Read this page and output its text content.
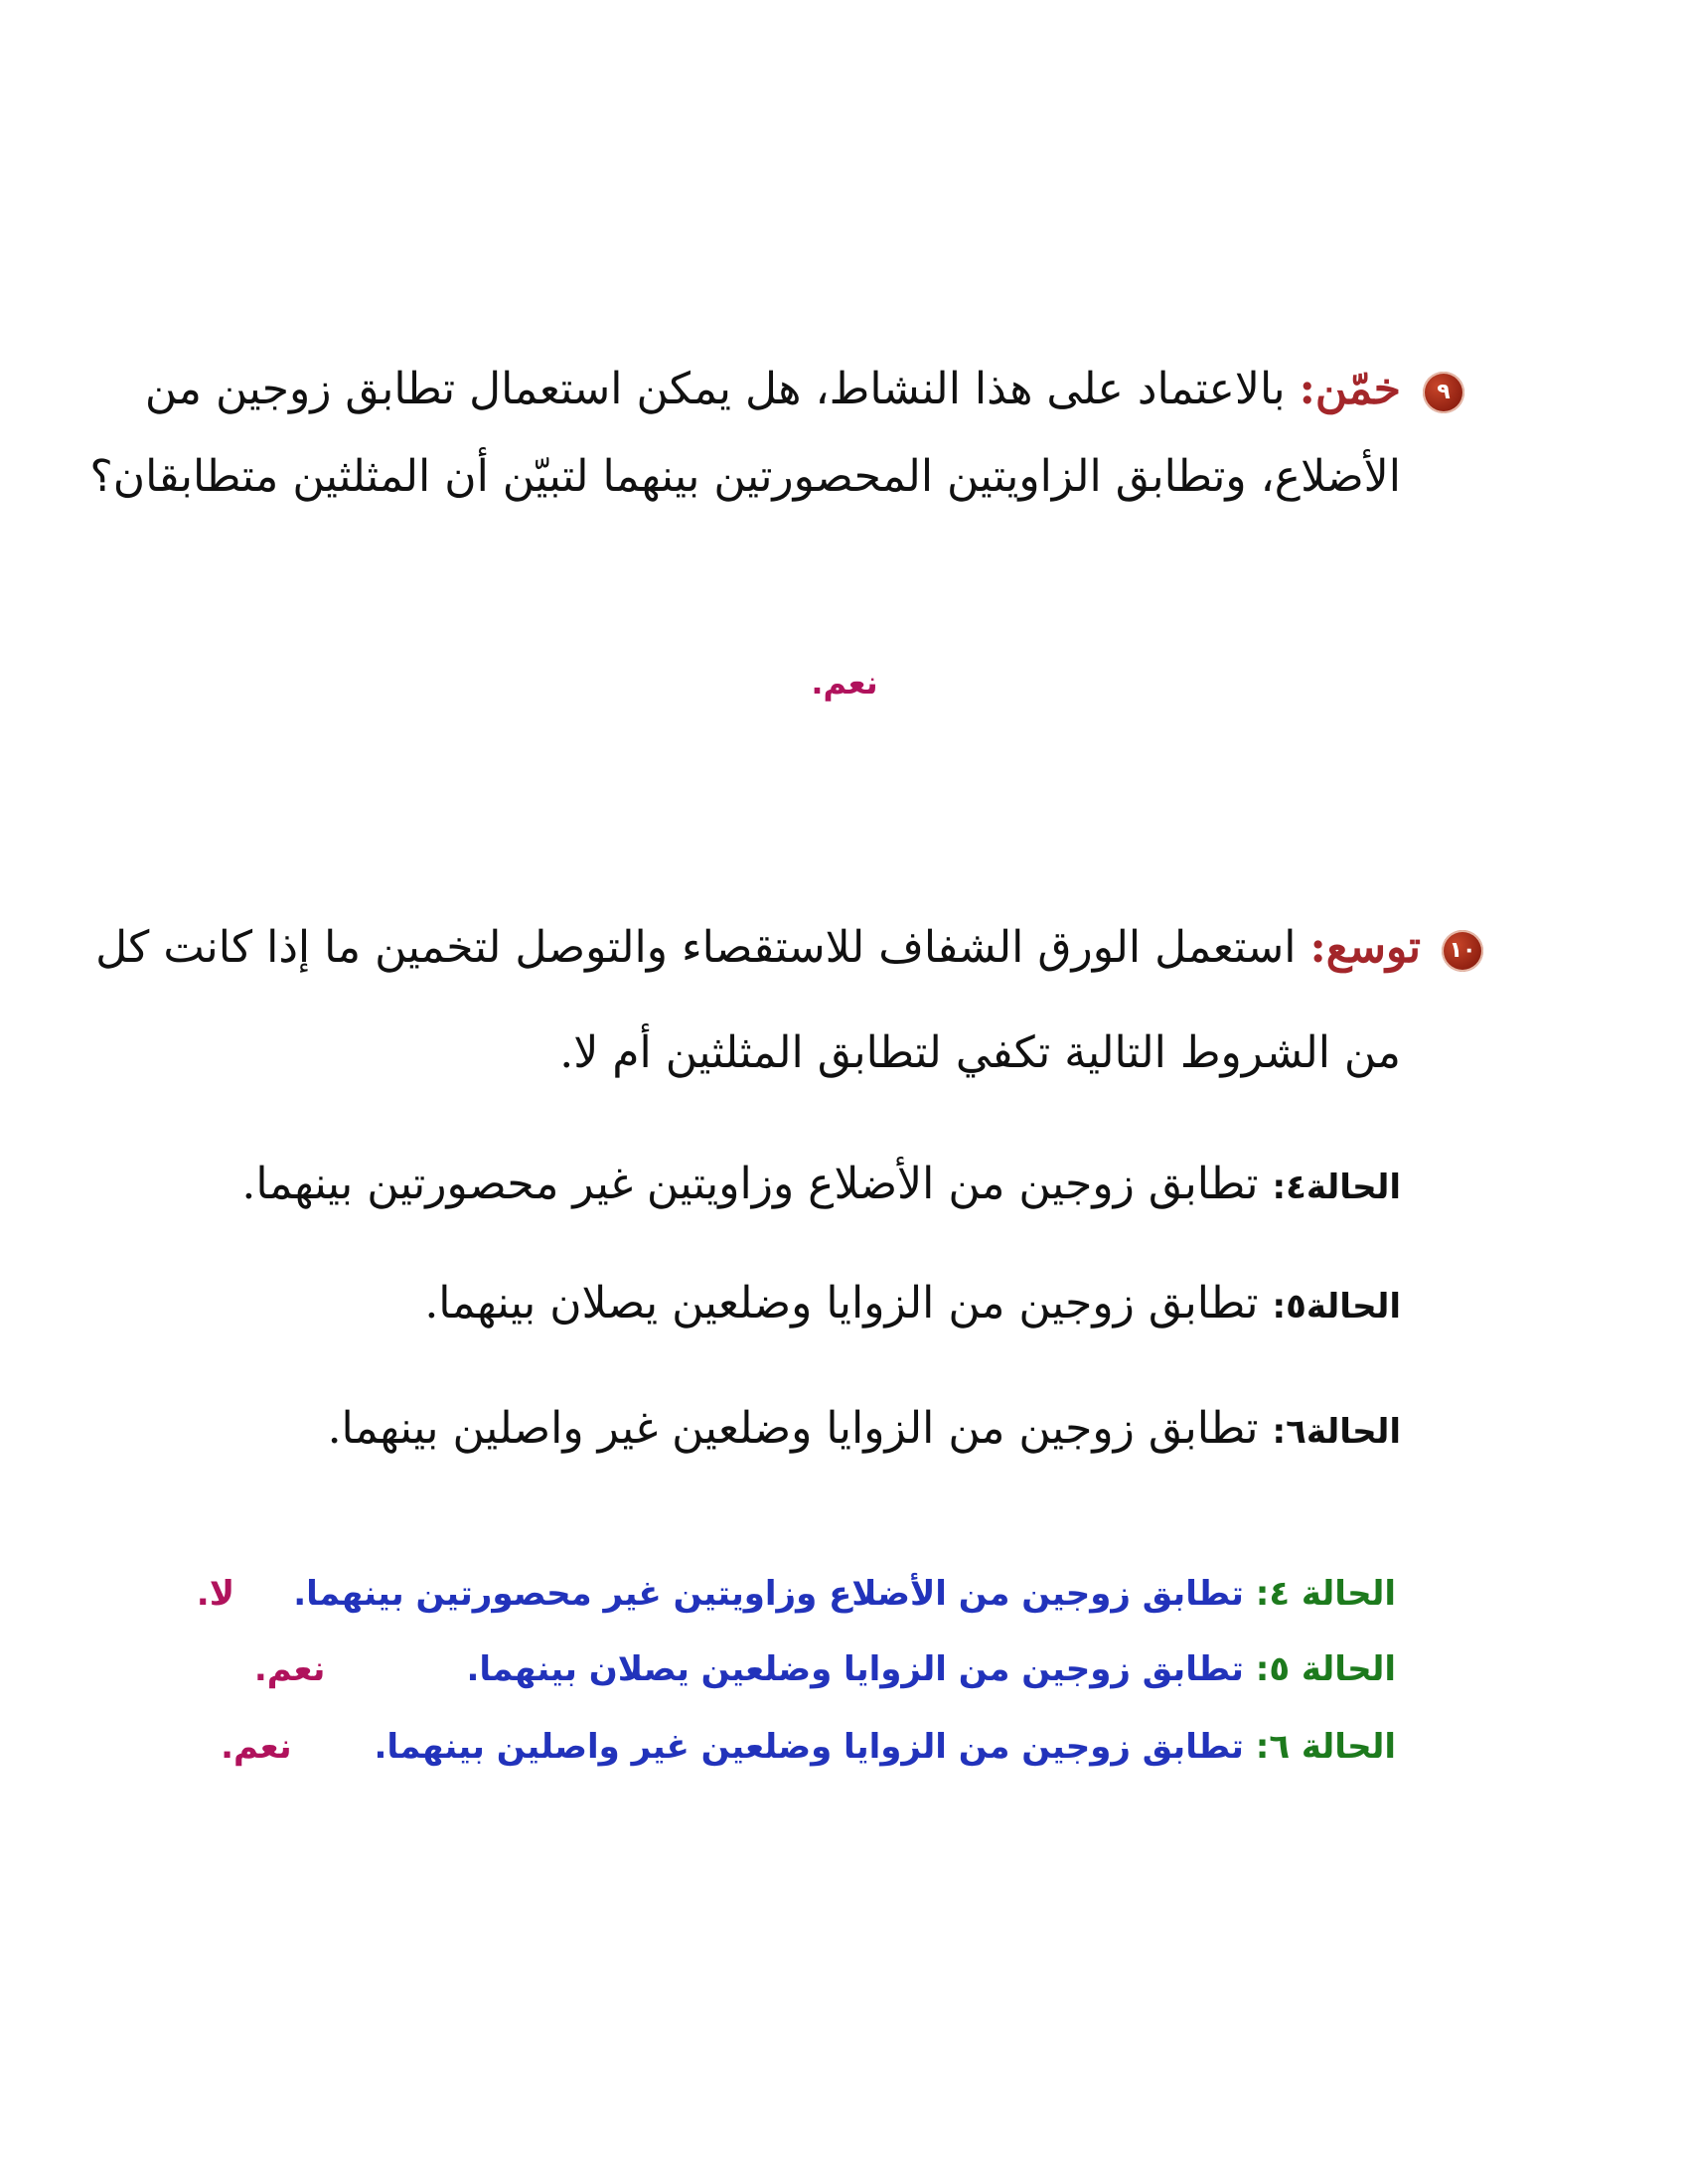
٩
خمّن: بالاعتماد على هذا النشاط، هل يمكن استعمال تطابق زوجين من
الأضلاع، وتطابق الزاويتين المحصورتين بينهما لتبيّن أن المثلثين متطابقان؟
نعم.
١٠
توسع: استعمل الورق الشفاف للاستقصاء والتوصل لتخمين ما إذا كانت كل
من الشروط التالية تكفي لتطابق المثلثين أم لا.
الحالة٤: تطابق زوجين من الأضلاع وزاويتين غير محصورتين بينهما.
الحالة٥: تطابق زوجين من الزوايا وضلعين يصلان بينهما.
الحالة٦: تطابق زوجين من الزوايا وضلعين غير واصلين بينهما.
الحالة ٤: تطابق زوجين من الأضلاع وزاويتين غير محصورتين بينهما.     لا.
الحالة ٥: تطابق زوجين من الزوايا وضلعين يصلان بينهما.            نعم.
الحالة ٦: تطابق زوجين من الزوايا وضلعين غير واصلين بينهما.       نعم.
